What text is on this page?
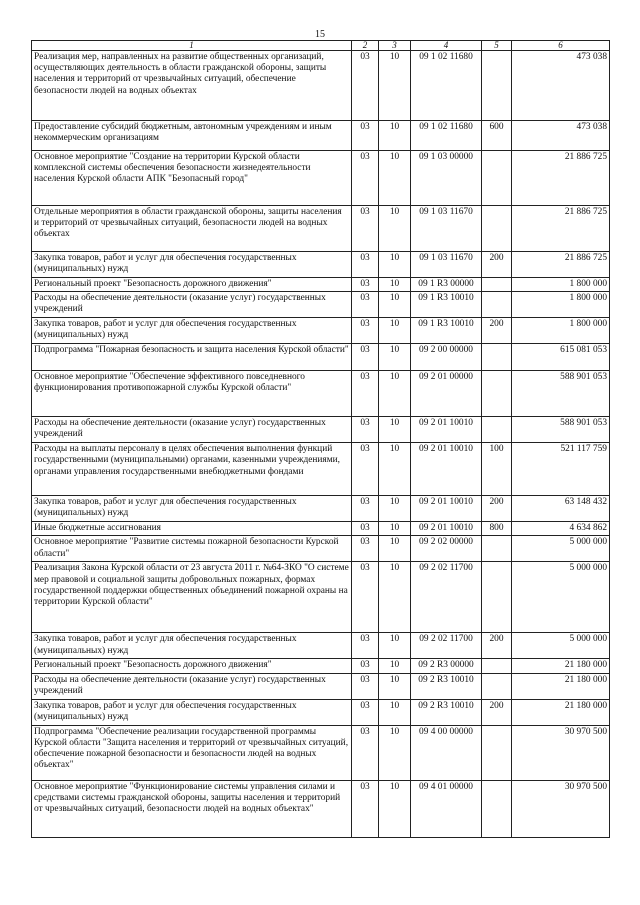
15
1	2	3	4	5	6
Реализация мер, направленных на развитие общественных организаций, осуществляющих деятельность в области гражданской обороны, защиты населения и территорий от чрезвычайных ситуаций, обеспечение безопасности людей на водных объектах	03	10	09 1 02 11680		473 038
Предоставление субсидий бюджетным, автономным учреждениям и иным некоммерческим организациям	03	10	09 1 02 11680	600	473 038
Основное мероприятие "Создание на территории Курской области комплексной системы обеспечения безопасности жизнедеятельности населения Курской области АПК "Безопасный город"	03	10	09 1 03 00000		21 886 725
Отдельные мероприятия в области гражданской обороны, защиты населения и территорий от чрезвычайных ситуаций, безопасности людей на водных объектах	03	10	09 1 03 11670		21 886 725
Закупка товаров, работ и услуг для обеспечения государственных (муниципальных) нужд	03	10	09 1 03 11670	200	21 886 725
Региональный проект "Безопасность дорожного движения"	03	10	09 1 R3 00000		1 800 000
Расходы на обеспечение деятельности (оказание услуг) государственных учреждений	03	10	09 1 R3 10010		1 800 000
Закупка товаров, работ и услуг для обеспечения государственных (муниципальных) нужд	03	10	09 1 R3 10010	200	1 800 000
Подпрограмма "Пожарная безопасность и защита населения Курской области"	03	10	09 2 00 00000		615 081 053
Основное мероприятие "Обеспечение эффективного повседневного функционирования противопожарной службы Курской области"	03	10	09 2 01 00000		588 901 053
Расходы на обеспечение деятельности (оказание услуг) государственных учреждений	03	10	09 2 01 10010		588 901 053
Расходы на выплаты персоналу в целях обеспечения выполнения функций государственными (муниципальными) органами, казенными учреждениями, органами управления государственными внебюджетными фондами	03	10	09 2 01 10010	100	521 117 759
Закупка товаров, работ и услуг для обеспечения государственных (муниципальных) нужд	03	10	09 2 01 10010	200	63 148 432
Иные бюджетные ассигнования	03	10	09 2 01 10010	800	4 634 862
Основное мероприятие "Развитие системы пожарной безопасности Курской области"	03	10	09 2 02 00000		5 000 000
Реализация Закона Курской области от 23 августа 2011 г. №64-ЗКО "О системе мер правовой и социальной защиты добровольных пожарных, формах государственной поддержки общественных объединений пожарной охраны на территории Курской области"	03	10	09 2 02 11700		5 000 000
Закупка товаров, работ и услуг для обеспечения государственных (муниципальных) нужд	03	10	09 2 02 11700	200	5 000 000
Региональный проект "Безопасность дорожного движения"	03	10	09 2 R3 00000		21 180 000
Расходы на обеспечение деятельности (оказание услуг) государственных учреждений	03	10	09 2 R3 10010		21 180 000
Закупка товаров, работ и услуг для обеспечения государственных (муниципальных) нужд	03	10	09 2 R3 10010	200	21 180 000
Подпрограмма "Обеспечение реализации государственной программы Курской области "Защита населения и территорий от чрезвычайных ситуаций, обеспечение пожарной безопасности и безопасности людей на водных объектах"	03	10	09 4 00 00000		30 970 500
Основное мероприятие "Функционирование системы управления силами и средствами системы гражданской обороны, защиты населения и территорий от чрезвычайных ситуаций, безопасности людей на водных объектах"	03	10	09 4 01 00000		30 970 500
